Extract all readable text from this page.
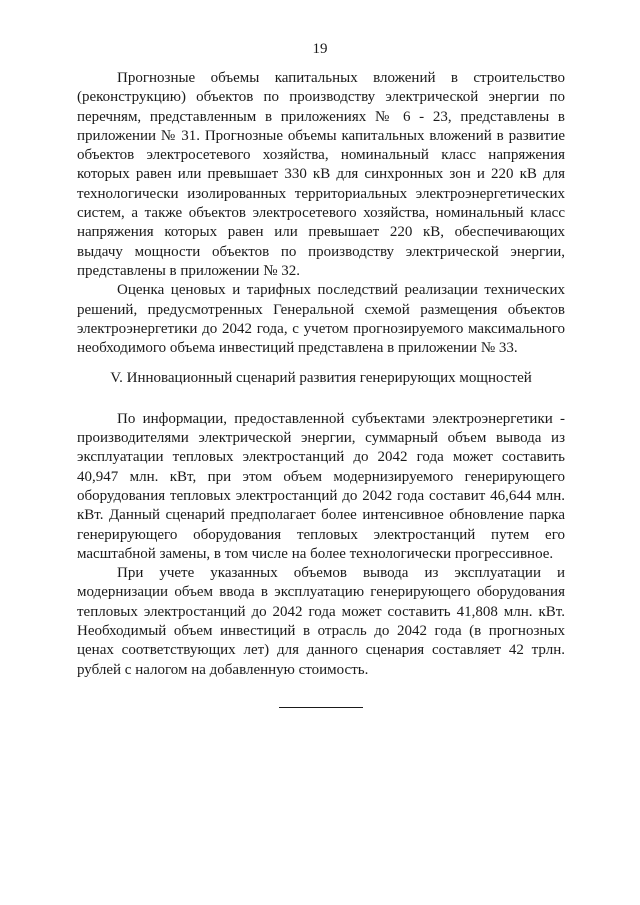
19

Прогнозные объемы капитальных вложений в строительство (реконструкцию) объектов по производству электрической энергии по перечням, представленным в приложениях № 6 - 23, представлены в приложении № 31. Прогнозные объемы капитальных вложений в развитие объектов электросетевого хозяйства, номинальный класс напряжения которых равен или превышает 330 кВ для синхронных зон и 220 кВ для технологически изолированных территориальных электроэнергетических систем, а также объектов электросетевого хозяйства, номинальный класс напряжения которых равен или превышает 220 кВ, обеспечивающих выдачу мощности объектов по производству электрической энергии, представлены в приложении № 32.

Оценка ценовых и тарифных последствий реализации технических решений, предусмотренных Генеральной схемой размещения объектов электроэнергетики до 2042 года, с учетом прогнозируемого максимального необходимого объема инвестиций представлена в приложении № 33.

V. Инновационный сценарий развития генерирующих мощностей

По информации, предоставленной субъектами электроэнергетики - производителями электрической энергии, суммарный объем вывода из эксплуатации тепловых электростанций до 2042 года может составить 40,947 млн. кВт, при этом объем модернизируемого генерирующего оборудования тепловых электростанций до 2042 года составит 46,644 млн. кВт. Данный сценарий предполагает более интенсивное обновление парка генерирующего оборудования тепловых электростанций путем его масштабной замены, в том числе на более технологически прогрессивное.

При учете указанных объемов вывода из эксплуатации и модернизации объем ввода в эксплуатацию генерирующего оборудования тепловых электростанций до 2042 года может составить 41,808 млн. кВт. Необходимый объем инвестиций в отрасль до 2042 года (в прогнозных ценах соответствующих лет) для данного сценария составляет 42 трлн. рублей с налогом на добавленную стоимость.
